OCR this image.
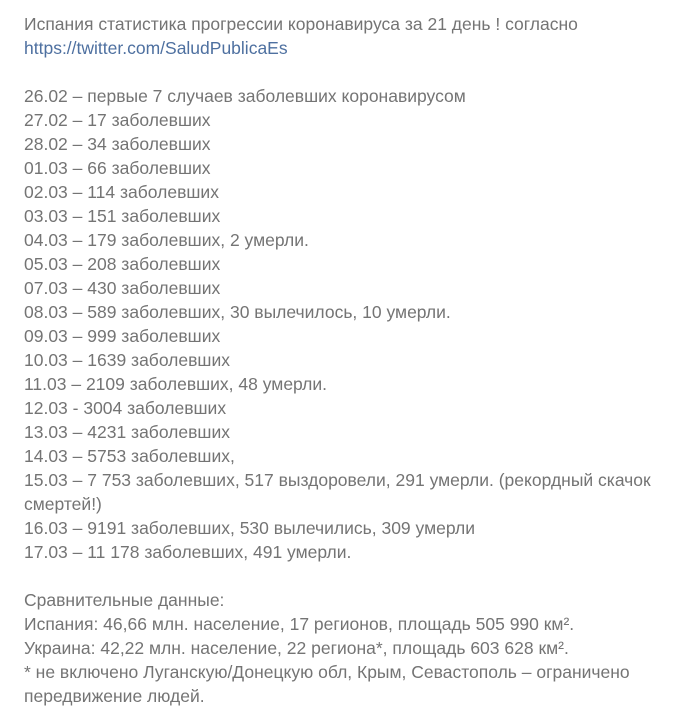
Испания статистика прогрессии коронавируса за 21 день ! согласно
https://twitter.com/SaludPublicaEs
26.02 – первые 7 случаев заболевших коронавирусом
27.02 – 17 заболевших
28.02 – 34 заболевших
01.03 – 66 заболевших
02.03 – 114 заболевших
03.03 – 151 заболевших
04.03 – 179 заболевших, 2 умерли.
05.03 – 208 заболевших
07.03 – 430 заболевших
08.03 – 589 заболевших, 30 вылечилось, 10 умерли.
09.03 – 999 заболевших
10.03 – 1639 заболевших
11.03 – 2109 заболевших, 48 умерли.
12.03 - 3004 заболевших
13.03 – 4231 заболевших
14.03 – 5753 заболевших,
15.03 – 7 753 заболевших, 517 выздоровели, 291 умерли. (рекордный скачок смертей!)
16.03 – 9191 заболевших, 530 вылечились, 309 умерли
17.03 – 11 178 заболевших, 491 умерли.
Сравнительные данные:
Испания: 46,66 млн. население, 17 регионов, площадь 505 990 км².
Украина: 42,22 млн. население, 22 региона*, площадь 603 628 км².
* не включено Луганскую/Донецкую обл, Крым, Севастополь – ограничено передвижение людей.
